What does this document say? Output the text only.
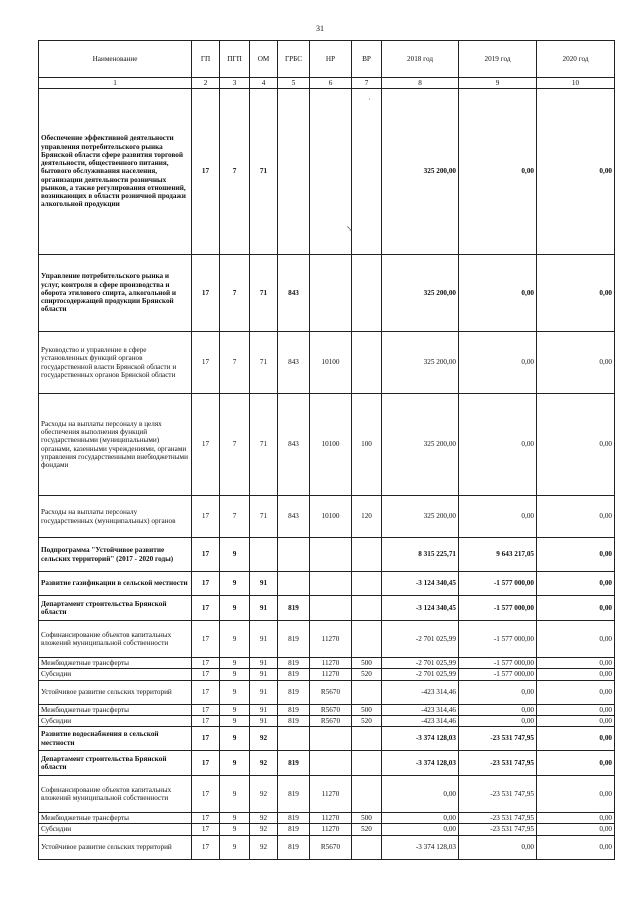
31
Наименование	ГП	ПГП	ОМ	ГРБС	НР	ВР	2018 год	2019 год	2020 год
1	2	3	4	5	6	7	8	9	10
Обеспечение эффективной деятельности управления потребительского рынка Брянской области сфере развития торговой деятельности, общественного питания, бытового обслуживания населения, организации деятельности розничных рынков, а также регулирования отношений, возникающих в области розничной продажи алкогольной продукции	17	7	71				325 200,00	0,00	0,00
Управление потребительского рынка и услуг, контроля в сфере производства и оборота этилового спирта, алкогольной и спиртосодержащей продукции Брянской области	17	7	71	843			325 200,00	0,00	0,00
Руководство и управление в сфере установленных функций органов государственной власти Брянской области и государственных органов Брянской области	17	7	71	843	10100		325 200,00	0,00	0,00
Расходы на выплаты персоналу в целях обеспечения выполнения функций государственными (муниципальными) органами, казенными учреждениями, органами управления государственными внебюджетными фондами	17	7	71	843	10100	100	325 200,00	0,00	0,00
Расходы на выплаты персоналу государственных (муниципальных) органов	17	7	71	843	10100	120	325 200,00	0,00	0,00
Подпрограмма "Устойчивое развитие сельских территорий" (2017 - 2020 годы)	17	9					8 315 225,71	9 643 217,05	0,00
Развитие газификации в сельской местности	17	9	91				-3 124 340,45	-1 577 000,00	0,00
Департамент строительства Брянской области	17	9	91	819			-3 124 340,45	-1 577 000,00	0,00
Софинансирование объектов капитальных вложений муниципальной собственности	17	9	91	819	11270		-2 701 025,99	-1 577 000,00	0,00
Межбюджетные трансферты	17	9	91	819	11270	500	-2 701 025,99	-1 577 000,00	0,00
Субсидии	17	9	91	819	11270	520	-2 701 025,99	-1 577 000,00	0,00
Устойчивое развитие сельских территорий	17	9	91	819	R5670		-423 314,46	0,00	0,00
Межбюджетные трансферты	17	9	91	819	R5670	500	-423 314,46	0,00	0,00
Субсидии	17	9	91	819	R5670	520	-423 314,46	0,00	0,00
Развитие водоснабжения в сельской местности	17	9	92				-3 374 128,03	-23 531 747,95	0,00
Департамент строительства Брянской области	17	9	92	819			-3 374 128,03	-23 531 747,95	0,00
Софинансирование объектов капитальных вложений муниципальной собственности	17	9	92	819	11270		0,00	-23 531 747,95	0,00
Межбюджетные трансферты	17	9	92	819	11270	500	0,00	-23 531 747,95	0,00
Субсидии	17	9	92	819	11270	520	0,00	-23 531 747,95	0,00
Устойчивое развитие сельских территорий	17	9	92	819	R5670		-3 374 128,03	0,00	0,00
·
↘
